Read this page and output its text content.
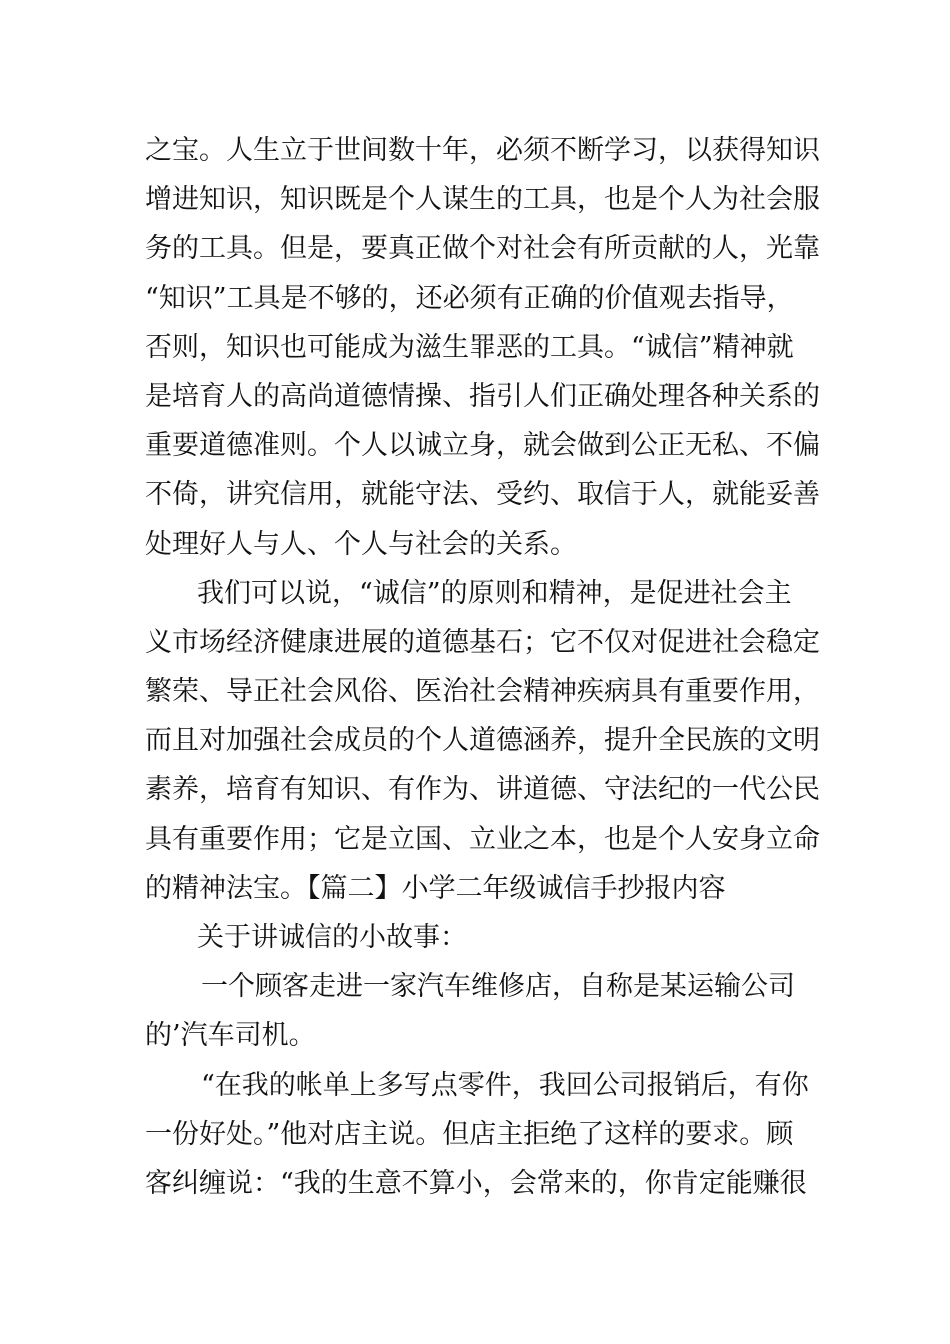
之宝。人生立于世间数十年，必须不断学习，以获得知识
增进知识，知识既是个人谋生的工具，也是个人为社会服
务的工具。但是，要真正做个对社会有所贡献的人，光靠
“知识”工具是不够的，还必须有正确的价值观去指导，
否则，知识也可能成为滋生罪恶的工具。“诚信”精神就
是培育人的高尚道德情操、指引人们正确处理各种关系的
重要道德准则。个人以诚立身，就会做到公正无私、不偏
不倚，讲究信用，就能守法、受约、取信于人，就能妥善
处理好人与人、个人与社会的关系。
我们可以说，“诚信”的原则和精神，是促进社会主
义市场经济健康进展的道德基石；它不仅对促进社会稳定
繁荣、导正社会风俗、医治社会精神疾病具有重要作用，
而且对加强社会成员的个人道德涵养，提升全民族的文明
素养，培育有知识、有作为、讲道德、守法纪的一代公民
具有重要作用；它是立国、立业之本，也是个人安身立命
的精神法宝。【篇二】小学二年级诚信手抄报内容
关于讲诚信的小故事：
一个顾客走进一家汽车维修店，自称是某运输公司
的’汽车司机。
“在我的帐单上多写点零件，我回公司报销后，有你
一份好处。”他对店主说。但店主拒绝了这样的要求。顾
客纠缠说：“我的生意不算小，会常来的，你肯定能赚很
